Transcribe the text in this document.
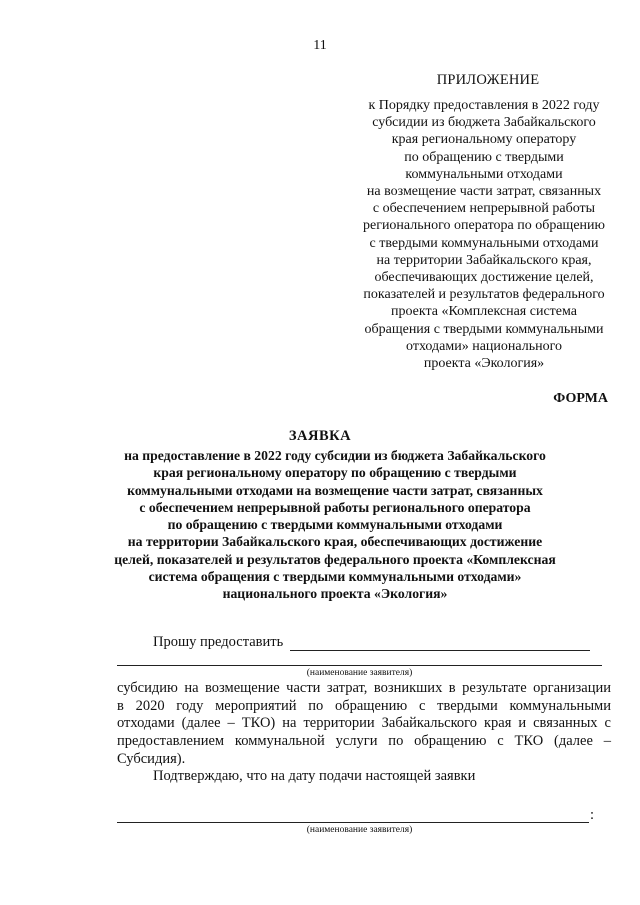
11
ПРИЛОЖЕНИЕ
к Порядку предоставления в 2022 году
субсидии из бюджета Забайкальского
края региональному оператору
по обращению с твердыми
коммунальными отходами
на возмещение части затрат, связанных
с обеспечением непрерывной работы
регионального оператора по обращению
с твердыми коммунальными отходами
на территории Забайкальского края,
обеспечивающих достижение целей,
показателей и результатов федерального
проекта «Комплексная система
обращения с твердыми коммунальными
отходами» национального
проекта «Экология»
ФОРМА
ЗАЯВКА
на предоставление в 2022 году субсидии из бюджета Забайкальского
края региональному оператору по обращению с твердыми
коммунальными отходами на возмещение части затрат, связанных
с обеспечением непрерывной работы регионального оператора
по обращению с твердыми коммунальными отходами
на территории Забайкальского края, обеспечивающих достижение
целей, показателей и результатов федерального проекта «Комплексная
система обращения с твердыми коммунальными отходами»
национального проекта «Экология»
Прошу предоставить
(наименование заявителя)
субсидию на возмещение части затрат, возникших в результате организации
в 2020 году мероприятий по обращению с твердыми коммунальными
отходами (далее – ТКО) на территории Забайкальского края и связанных с
предоставлением коммунальной услуги по обращению с ТКО (далее –
Субсидия).
Подтверждаю, что на дату подачи настоящей заявки
:
(наименование заявителя)
